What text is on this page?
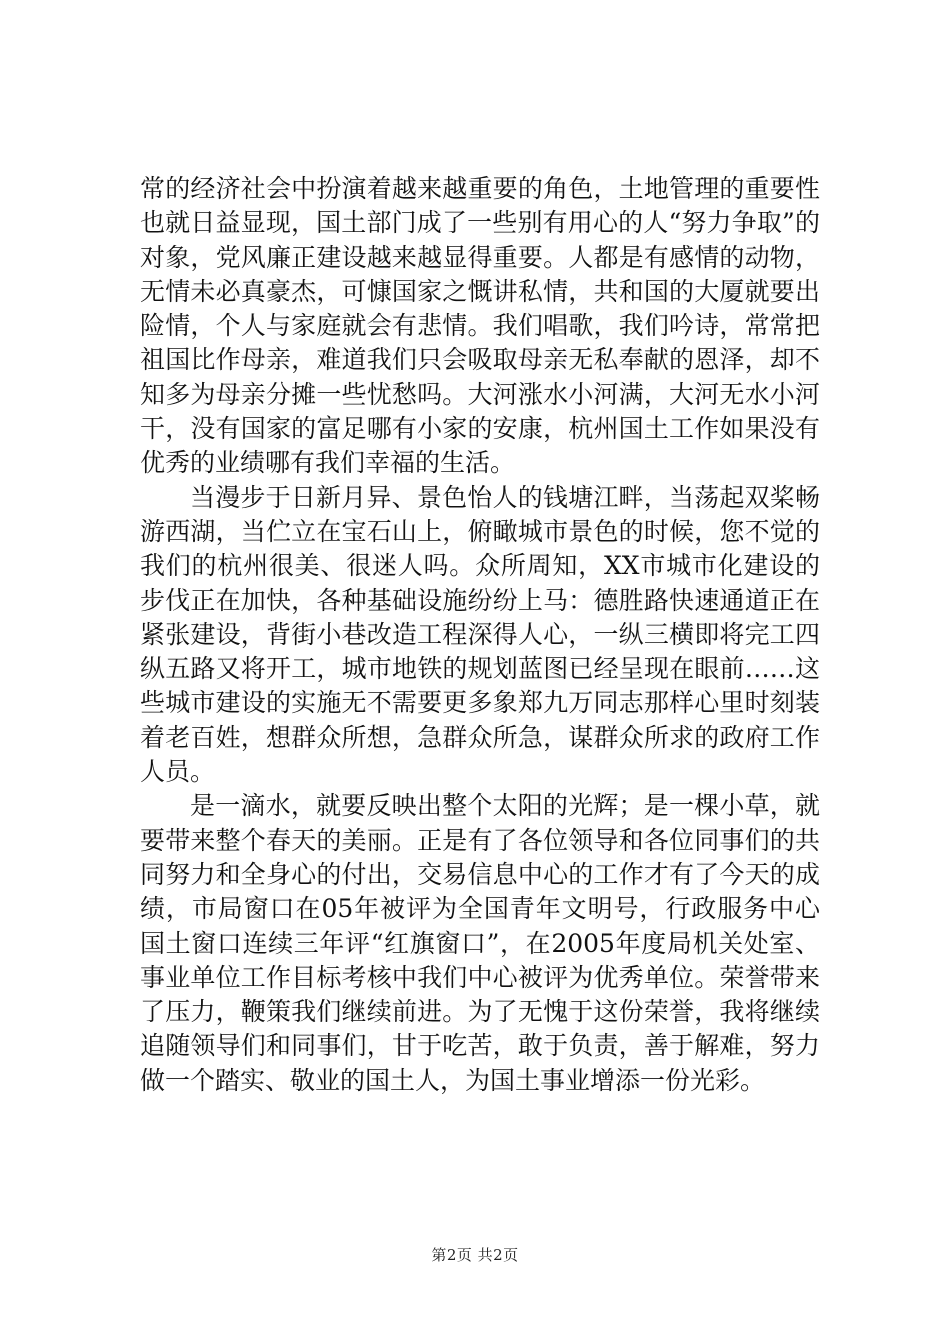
常的经济社会中扮演着越来越重要的角色，土地管理的重要性也就日益显现，国土部门成了一些别有用心的人“努力争取”的对象，党风廉正建设越来越显得重要。人都是有感情的动物，无情未必真豪杰，可慷国家之慨讲私情，共和国的大厦就要出险情，个人与家庭就会有悲情。我们唱歌，我们吟诗，常常把祖国比作母亲，难道我们只会吸取母亲无私奉献的恩泽，却不知多为母亲分摊一些忧愁吗。大河涨水小河满，大河无水小河干，没有国家的富足哪有小家的安康，杭州国土工作如果没有优秀的业绩哪有我们幸福的生活。

当漫步于日新月异、景色怡人的钱塘江畔，当荡起双桨畅游西湖，当伫立在宝石山上，俯瞰城市景色的时候，您不觉的我们的杭州很美、很迷人吗。众所周知，XX市城市化建设的步伐正在加快，各种基础设施纷纷上马：德胜路快速通道正在紧张建设，背街小巷改造工程深得人心，一纵三横即将完工四纵五路又将开工，城市地铁的规划蓝图已经呈现在眼前……这些城市建设的实施无不需要更多象郑九万同志那样心里时刻装着老百姓，想群众所想，急群众所急，谋群众所求的政府工作人员。

是一滴水，就要反映出整个太阳的光辉；是一棵小草，就要带来整个春天的美丽。正是有了各位领导和各位同事们的共同努力和全身心的付出，交易信息中心的工作才有了今天的成绩，市局窗口在05年被评为全国青年文明号，行政服务中心国土窗口连续三年评“红旗窗口”，在2005年度局机关处室、事业单位工作目标考核中我们中心被评为优秀单位。荣誉带来了压力，鞭策我们继续前进。为了无愧于这份荣誉，我将继续追随领导们和同事们，甘于吃苦，敢于负责，善于解难，努力做一个踏实、敬业的国土人，为国土事业增添一份光彩。

第2页 共2页
